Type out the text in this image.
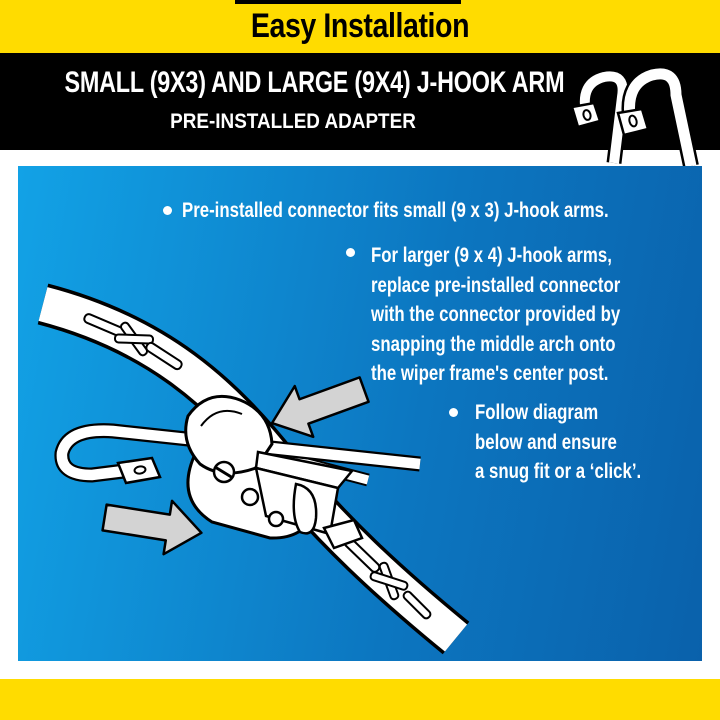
Easy Installation
SMALL (9X3) AND LARGE (9X4) J-HOOK ARM
PRE-INSTALLED ADAPTER
Pre-installed connector fits small (9 x 3) J-hook arms.
For larger (9 x 4) J-hook arms,
replace pre-installed connector
with the connector provided by
snapping the middle arch onto
the wiper frame's center post.
Follow diagram
below and ensure
a snug fit or a ‘click’.
